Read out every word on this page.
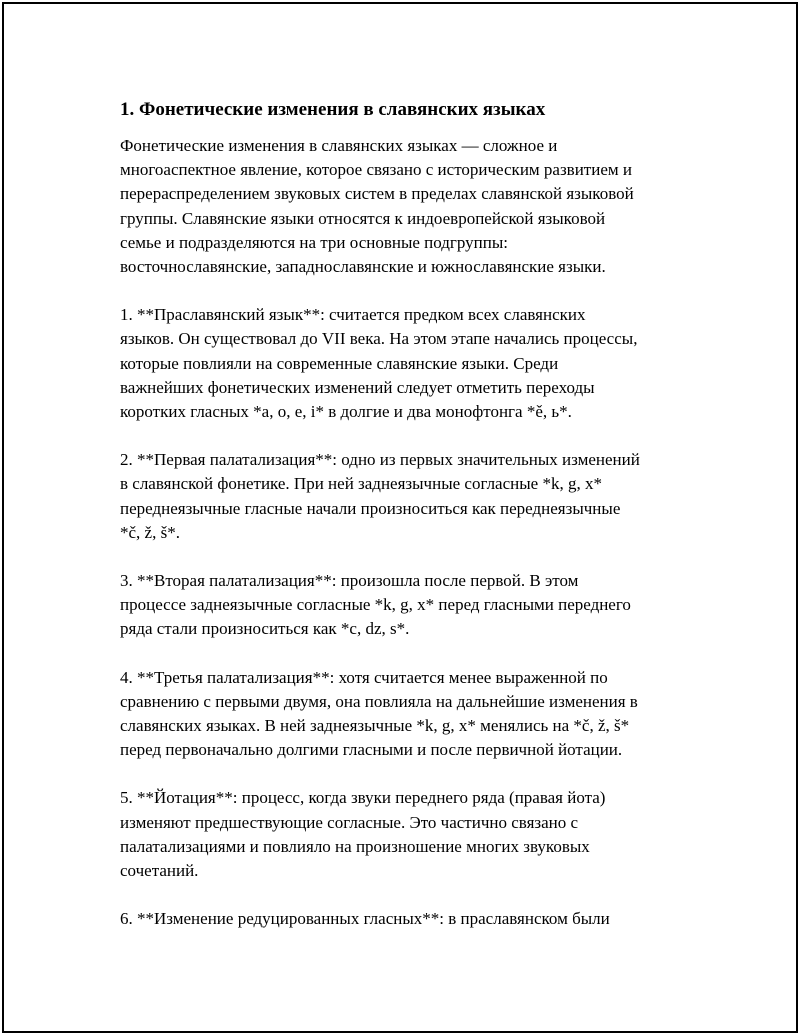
1. Фонетические изменения в славянских языках
Фонетические изменения в славянских языках — сложное и
многоаспектное явление, которое связано с историческим развитием и
перераспределением звуковых систем в пределах славянской языковой
группы. Славянские языки относятся к индоевропейской языковой
семье и подразделяются на три основные подгруппы:
восточнославянские, западнославянские и южнославянские языки.
1. **Праславянский язык**: считается предком всех славянских
языков. Он существовал до VII века. На этом этапе начались процессы,
которые повлияли на современные славянские языки. Среди
важнейших фонетических изменений следует отметить переходы
коротких гласных *a, o, e, i* в долгие и два монофтонга *ě, ь*.
2. **Первая палатализация**: одно из первых значительных изменений
в славянской фонетике. При ней заднеязычные согласные *k, g, x*
переднеязычные гласные начали произноситься как переднеязычные
*č, ž, š*.
3. **Вторая палатализация**: произошла после первой. В этом
процессе заднеязычные согласные *k, g, x* перед гласными переднего
ряда стали произноситься как *c, dz, s*.
4. **Третья палатализация**: хотя считается менее выраженной по
сравнению с первыми двумя, она повлияла на дальнейшие изменения в
славянских языках. В ней заднеязычные *k, g, x* менялись на *č, ž, š*
перед первоначально долгими гласными и после первичной йотации.
5. **Йотация**: процесс, когда звуки переднего ряда (правая йота)
изменяют предшествующие согласные. Это частично связано с
палатализациями и повлияло на произношение многих звуковых
сочетаний.
6. **Изменение редуцированных гласных**: в праславянском были
